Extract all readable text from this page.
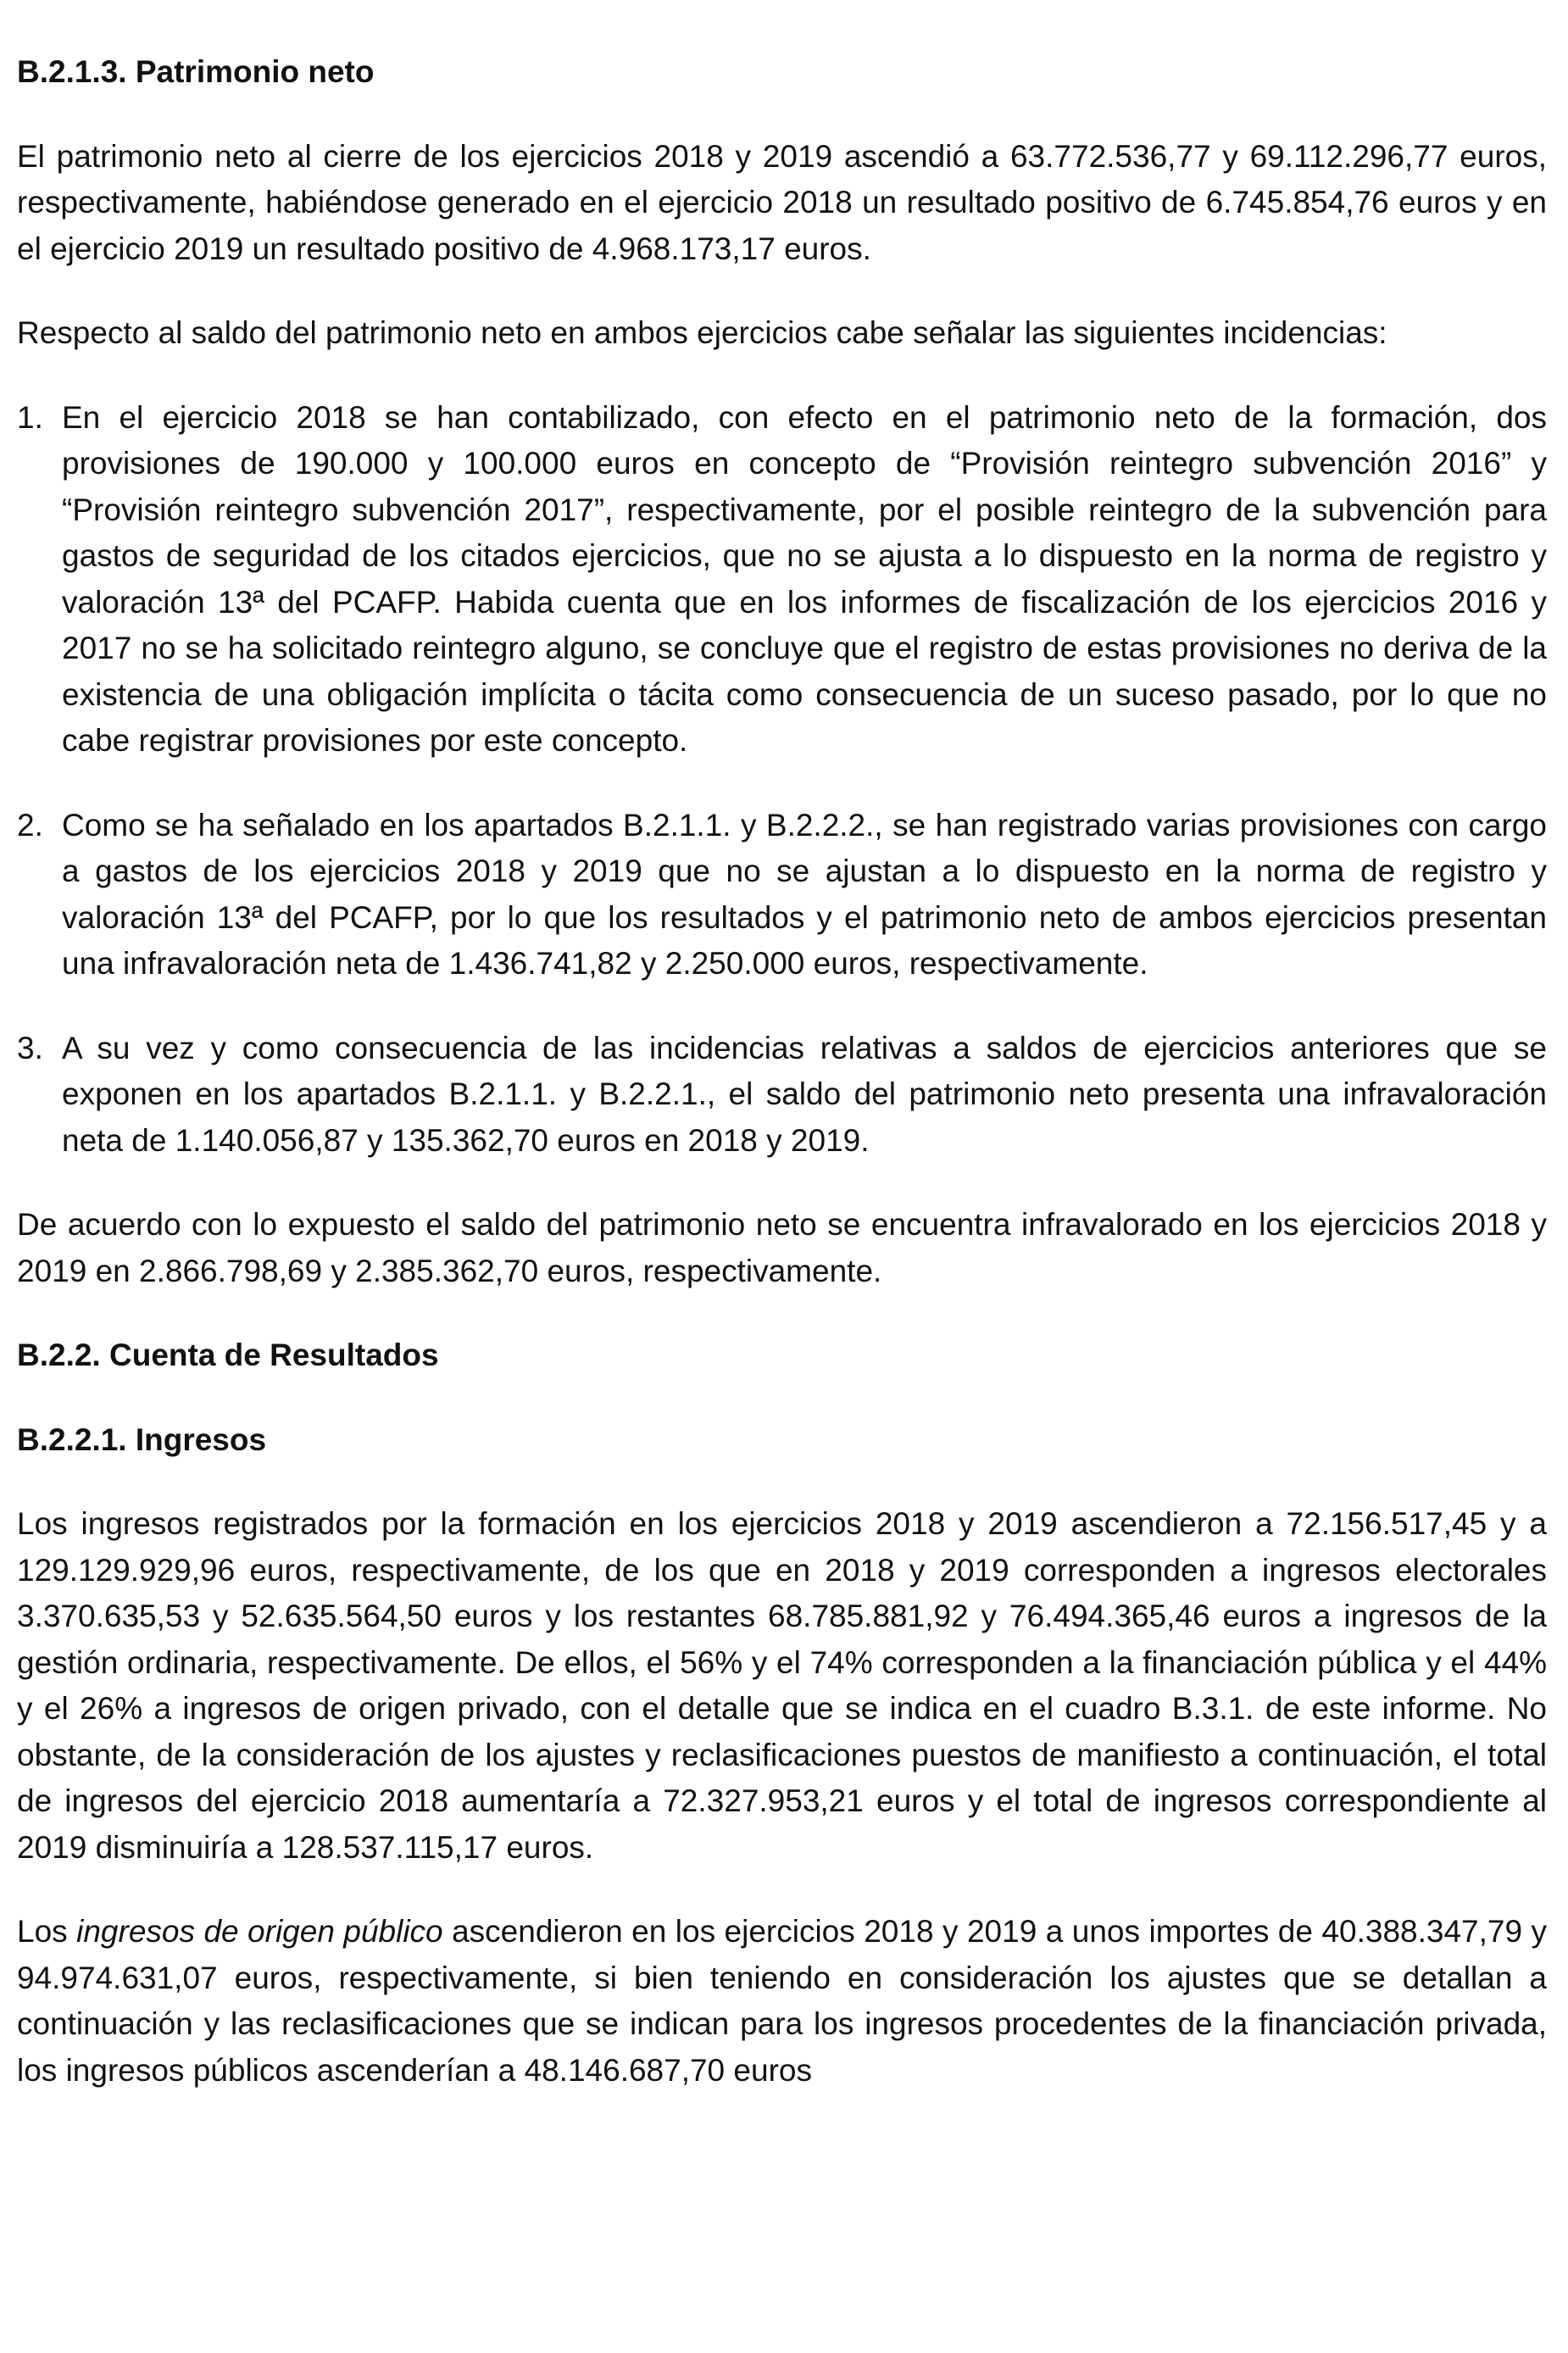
B.2.1.3. Patrimonio neto

El patrimonio neto al cierre de los ejercicios 2018 y 2019 ascendió a 63.772.536,77 y 69.112.296,77 euros, respectivamente, habiéndose generado en el ejercicio 2018 un resultado positivo de 6.745.854,76 euros y en el ejercicio 2019 un resultado positivo de 4.968.173,17 euros.

Respecto al saldo del patrimonio neto en ambos ejercicios cabe señalar las siguientes incidencias:

1. En el ejercicio 2018 se han contabilizado, con efecto en el patrimonio neto de la formación, dos provisiones de 190.000 y 100.000 euros en concepto de “Provisión reintegro subvención 2016” y “Provisión reintegro subvención 2017”, respectivamente, por el posible reintegro de la subvención para gastos de seguridad de los citados ejercicios, que no se ajusta a lo dispuesto en la norma de registro y valoración 13ª del PCAFP. Habida cuenta que en los informes de fiscalización de los ejercicios 2016 y 2017 no se ha solicitado reintegro alguno, se concluye que el registro de estas provisiones no deriva de la existencia de una obligación implícita o tácita como consecuencia de un suceso pasado, por lo que no cabe registrar provisiones por este concepto.
2. Como se ha señalado en los apartados B.2.1.1. y B.2.2.2., se han registrado varias provisiones con cargo a gastos de los ejercicios 2018 y 2019 que no se ajustan a lo dispuesto en la norma de registro y valoración 13ª del PCAFP, por lo que los resultados y el patrimonio neto de ambos ejercicios presentan una infravaloración neta de 1.436.741,82 y 2.250.000 euros, respectivamente.
3. A su vez y como consecuencia de las incidencias relativas a saldos de ejercicios anteriores que se exponen en los apartados B.2.1.1. y B.2.2.1., el saldo del patrimonio neto presenta una infravaloración neta de 1.140.056,87 y 135.362,70 euros en 2018 y 2019.

De acuerdo con lo expuesto el saldo del patrimonio neto se encuentra infravalorado en los ejercicios 2018 y 2019 en 2.866.798,69 y 2.385.362,70 euros, respectivamente.

B.2.2. Cuenta de Resultados
B.2.2.1. Ingresos

Los ingresos registrados por la formación en los ejercicios 2018 y 2019 ascendieron a 72.156.517,45 y a 129.129.929,96 euros, respectivamente, de los que en 2018 y 2019 corresponden a ingresos electorales 3.370.635,53 y 52.635.564,50 euros y los restantes 68.785.881,92 y 76.494.365,46 euros a ingresos de la gestión ordinaria, respectivamente. De ellos, el 56% y el 74% corresponden a la financiación pública y el 44% y el 26% a ingresos de origen privado, con el detalle que se indica en el cuadro B.3.1. de este informe. No obstante, de la consideración de los ajustes y reclasificaciones puestos de manifiesto a continuación, el total de ingresos del ejercicio 2018 aumentaría a 72.327.953,21 euros y el total de ingresos correspondiente al 2019 disminuiría a 128.537.115,17 euros.

Los ingresos de origen público ascendieron en los ejercicios 2018 y 2019 a unos importes de 40.388.347,79 y 94.974.631,07 euros, respectivamente, si bien teniendo en consideración los ajustes que se detallan a continuación y las reclasificaciones que se indican para los ingresos procedentes de la financiación privada, los ingresos públicos ascenderían a 48.146.687,70 euros
